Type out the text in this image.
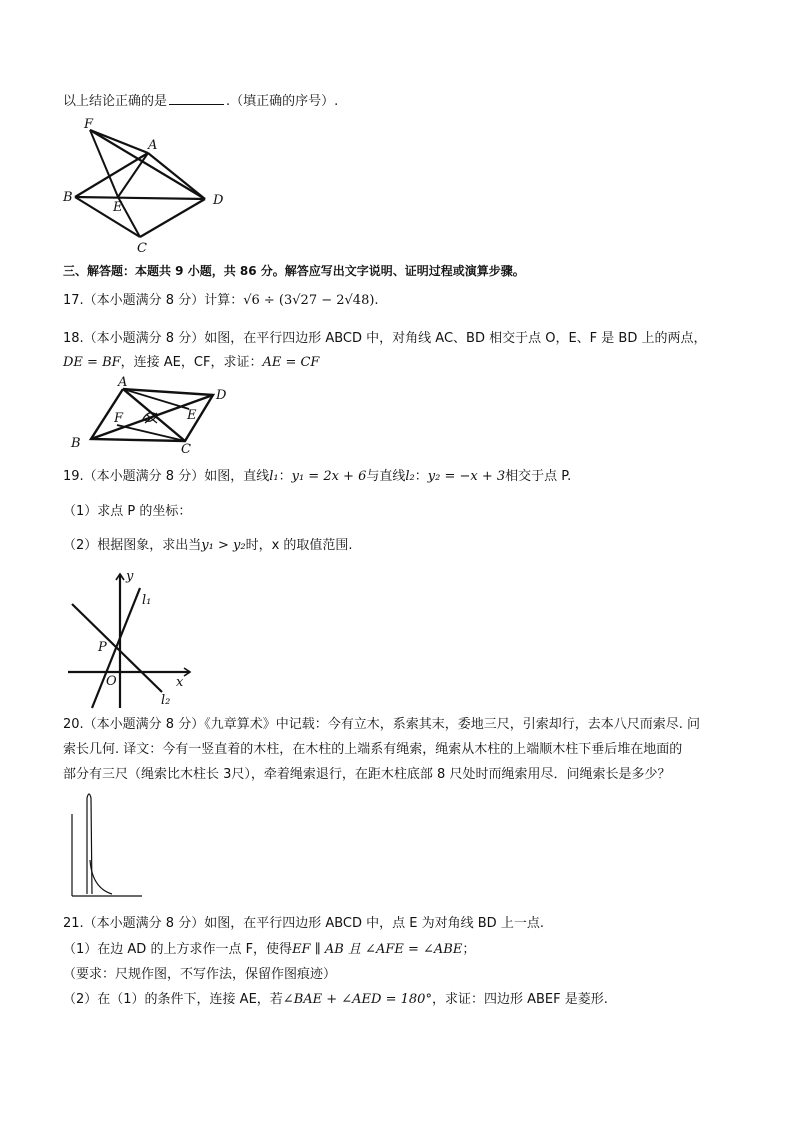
以上结论正确的是	.（填正确的序号）.
F
A
B
E	D
C
三、解答题：本题共 9 小题，共 86 分。解答应写出文字说明、证明过程或演算步骤。
17.（本小题满分 8 分）计算：√6 ÷ (3√27 − 2√48).
18.（本小题满分 8 分）如图，在平行四边形 ABCD 中，对角线 AC、BD 相交于点 O，E、F 是 BD 上的两点，
DE = BF，连接 AE，CF，求证：AE = CF
A
D
B	C
F	E
19.（本小题满分 8 分）如图，直线l₁：y₁ = 2x + 6与直线l₂：y₂ = −x + 3相交于点 P.
（1）求点 P 的坐标：
（2）根据图象，求出当y₁ > y₂时，x 的取值范围.
y
l₁
P
O	x
l₂
20.（本小题满分 8 分）《九章算术》中记载：今有立木，系索其末，委地三尺，引索却行，去本八尺而索尽. 问
索长几何. 译文：今有一竖直着的木柱，在木柱的上端系有绳索，绳索从木柱的上端顺木柱下垂后堆在地面的
部分有三尺（绳索比木柱长 3尺），牵着绳索退行，在距木柱底部 8 尺处时而绳索用尽．问绳索长是多少？
21.（本小题满分 8 分）如图，在平行四边形 ABCD 中，点 E 为对角线 BD 上一点.
（1）在边 AD 的上方求作一点 F，使得EF ∥ AB 且 ∠AFE = ∠ABE；
（要求：尺规作图，不写作法，保留作图痕迹）
（2）在（1）的条件下，连接 AE，若∠BAE + ∠AED = 180°，求证：四边形 ABEF 是菱形.
